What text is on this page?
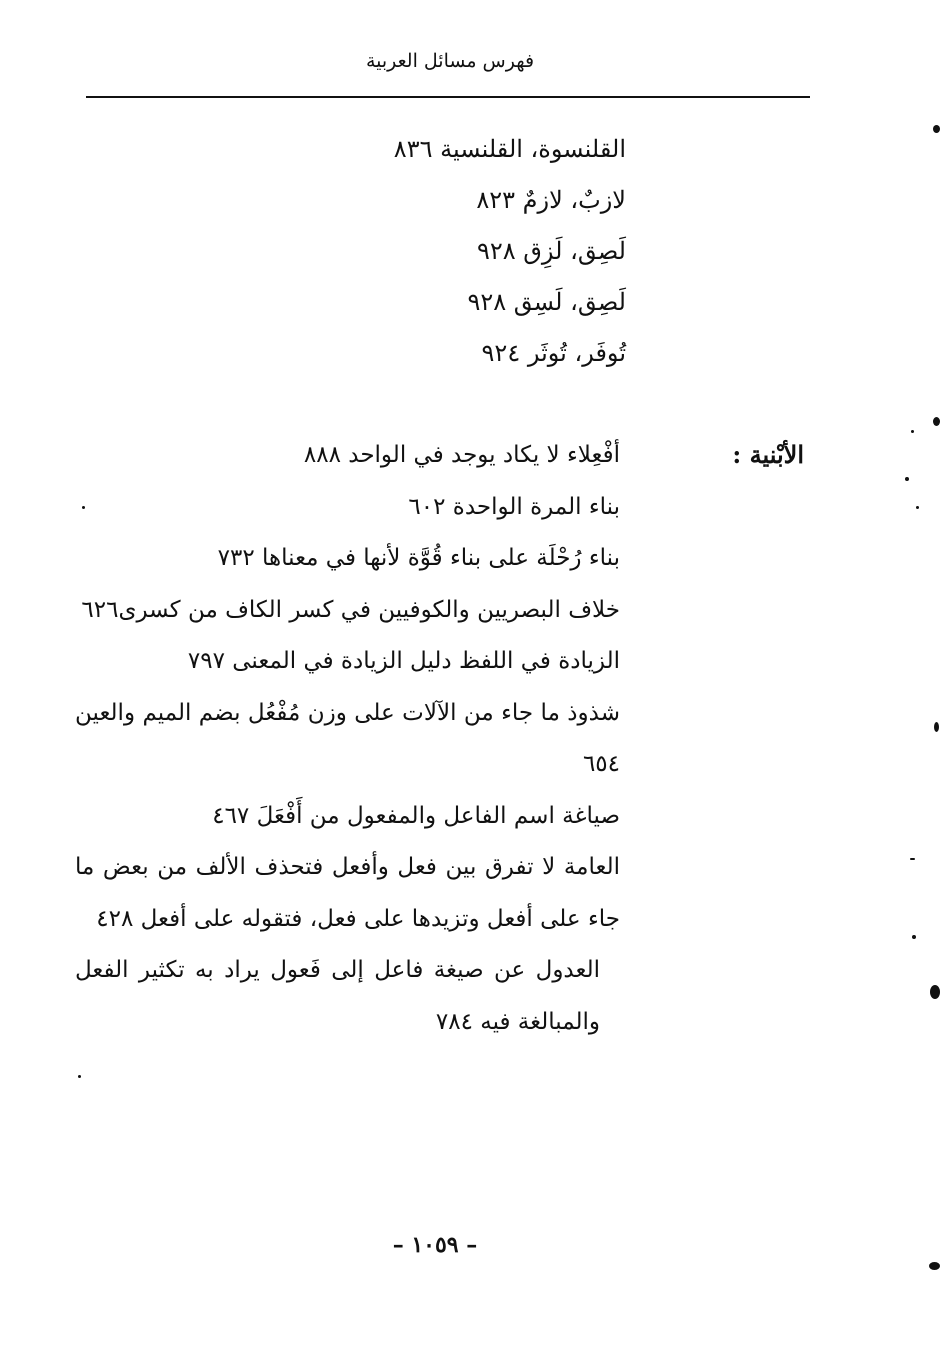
فهرس مسائل العربية
القلنسوة، القلنسية ٨٣٦
لازبٌ، لازمٌ ٨٢٣
لَصِق، لَزِق ٩٢٨
لَصِق، لَسِق ٩٢٨
تُوفَر، تُوثَر ٩٢٤
الأبْنية :
أفْعِلاء لا يكاد يوجد في الواحد ٨٨٨
بناء المرة الواحدة ٦٠٢
بناء رُحْلَة على بناء قُوَّة لأنها في معناها ٧٣٢
خلاف البصريين والكوفيين في كسر الكاف من كسرى٦٢٦
الزيادة في اللفظ دليل الزيادة في المعنى ٧٩٧
شذوذ ما جاء من الآلات على وزن مُفْعُل بضم الميم والعين ٦٥٤
صياغة اسم الفاعل والمفعول من أَفْعَلَ ٤٦٧
العامة لا تفرق بين فعل وأفعل فتحذف الألف من بعض ما جاء على أفعل وتزيدها على فعل، فتقوله على أفعل ٤٢٨
العدول عن صيغة فاعل إلى فَعول يراد به تكثير الفعل والمبالغة فيه ٧٨٤
– ١٠٥٩ –
